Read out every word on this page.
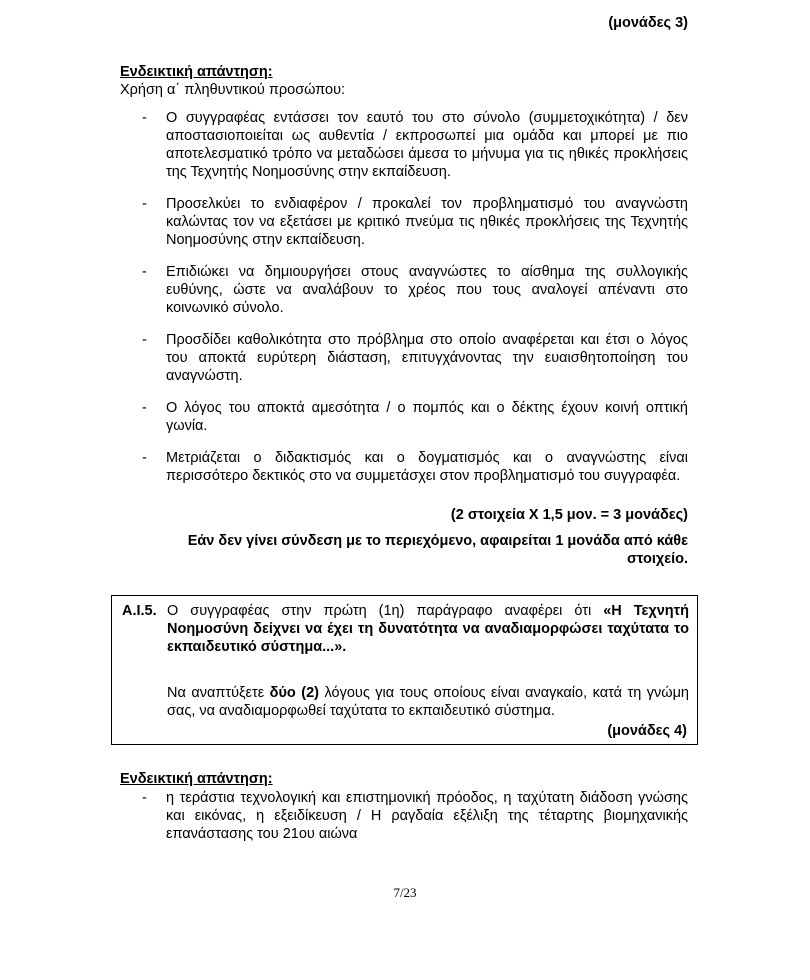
(μονάδες 3)
Ενδεικτική απάντηση:
Χρήση α΄ πληθυντικού προσώπου:
- Ο συγγραφέας εντάσσει τον εαυτό του στο σύνολο (συμμετοχικότητα) / δεν αποστασιοποιείται ως αυθεντία / εκπροσωπεί μια ομάδα και μπορεί με πιο αποτελεσματικό τρόπο να μεταδώσει άμεσα το μήνυμα για τις ηθικές προκλήσεις της Τεχνητής Νοημοσύνης στην εκπαίδευση.
- Προσελκύει το ενδιαφέρον / προκαλεί τον προβληματισμό του αναγνώστη καλώντας τον να εξετάσει με κριτικό πνεύμα τις ηθικές προκλήσεις της Τεχνητής Νοημοσύνης στην εκπαίδευση.
- Επιδιώκει να δημιουργήσει στους αναγνώστες το αίσθημα της συλλογικής ευθύνης, ώστε να αναλάβουν το χρέος που τους αναλογεί απέναντι στο κοινωνικό σύνολο.
- Προσδίδει καθολικότητα στο πρόβλημα στο οποίο αναφέρεται και έτσι ο λόγος του αποκτά ευρύτερη διάσταση, επιτυγχάνοντας την ευαισθητοποίηση του αναγνώστη.
- Ο λόγος του αποκτά αμεσότητα / ο πομπός και ο δέκτης έχουν κοινή οπτική γωνία.
- Μετριάζεται ο διδακτισμός και ο δογματισμός και ο αναγνώστης είναι περισσότερο δεκτικός στο να συμμετάσχει στον προβληματισμό του συγγραφέα.
(2 στοιχεία Χ 1,5 μον. = 3 μονάδες)
Εάν δεν γίνει σύνδεση με το περιεχόμενο, αφαιρείται 1 μονάδα από κάθε στοιχείο.
Α.Ι.5. Ο συγγραφέας στην πρώτη (1η) παράγραφο αναφέρει ότι «Η Τεχνητή Νοημοσύνη δείχνει να έχει τη δυνατότητα να αναδιαμορφώσει ταχύτατα το εκπαιδευτικό σύστημα...».
Να αναπτύξετε δύο (2) λόγους για τους οποίους είναι αναγκαίο, κατά τη γνώμη σας, να αναδιαμορφωθεί ταχύτατα το εκπαιδευτικό σύστημα.
(μονάδες 4)
Ενδεικτική απάντηση:
- η τεράστια τεχνολογική και επιστημονική πρόοδος, η ταχύτατη διάδοση γνώσης και εικόνας, η εξειδίκευση / Η ραγδαία εξέλιξη της τέταρτης βιομηχανικής επανάστασης του 21ου αιώνα
7/23
